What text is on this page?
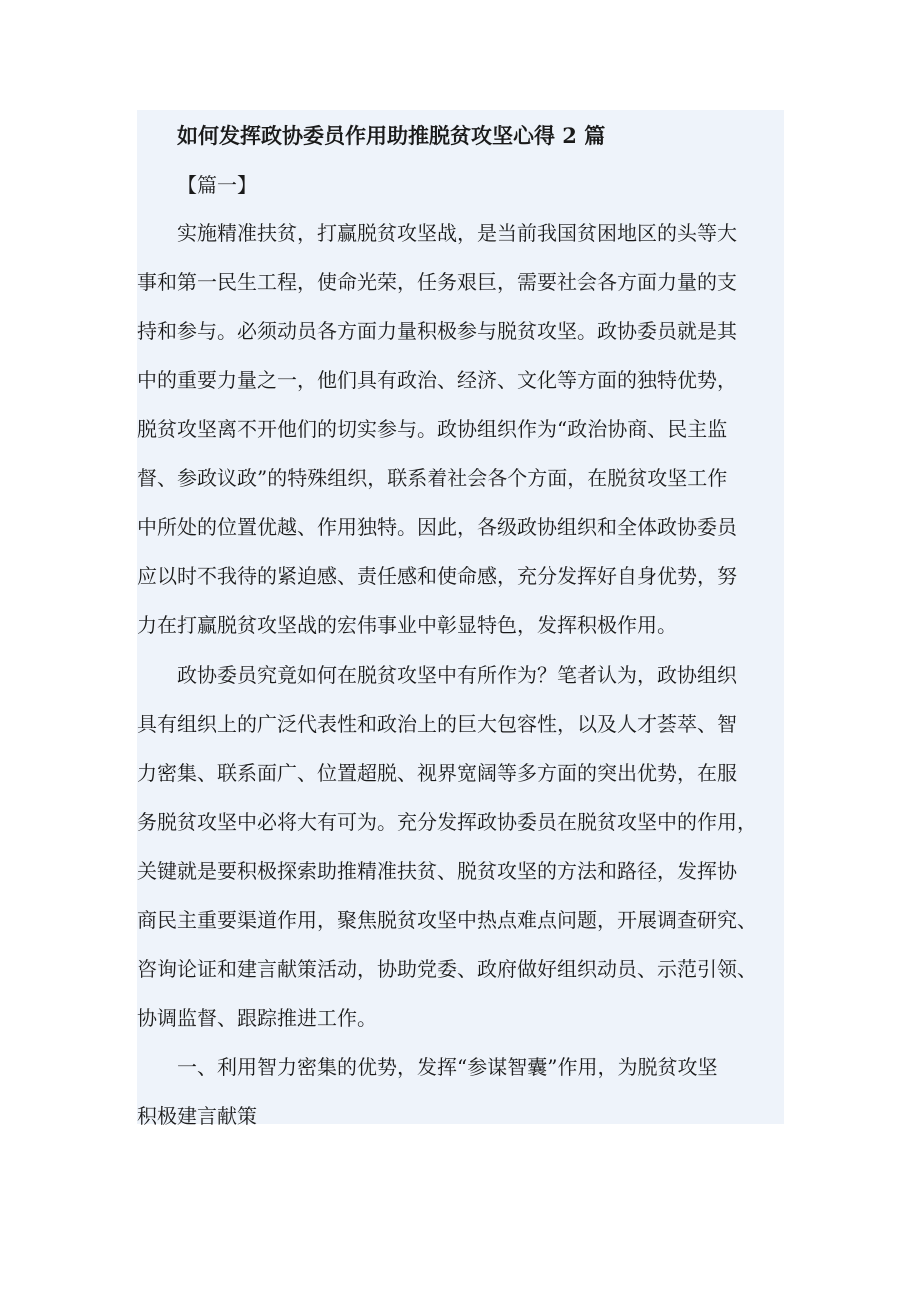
如何发挥政协委员作用助推脱贫攻坚心得 2 篇
【篇一】
实施精准扶贫，打赢脱贫攻坚战，是当前我国贫困地区的头等大
事和第一民生工程，使命光荣，任务艰巨，需要社会各方面力量的支
持和参与。必须动员各方面力量积极参与脱贫攻坚。政协委员就是其
中的重要力量之一，他们具有政治、经济、文化等方面的独特优势，
脱贫攻坚离不开他们的切实参与。政协组织作为“政治协商、民主监
督、参政议政”的特殊组织，联系着社会各个方面，在脱贫攻坚工作
中所处的位置优越、作用独特。因此，各级政协组织和全体政协委员
应以时不我待的紧迫感、责任感和使命感，充分发挥好自身优势，努
力在打赢脱贫攻坚战的宏伟事业中彰显特色，发挥积极作用。
政协委员究竟如何在脱贫攻坚中有所作为？笔者认为，政协组织
具有组织上的广泛代表性和政治上的巨大包容性，以及人才荟萃、智
力密集、联系面广、位置超脱、视界宽阔等多方面的突出优势，在服
务脱贫攻坚中必将大有可为。充分发挥政协委员在脱贫攻坚中的作用，
关键就是要积极探索助推精准扶贫、脱贫攻坚的方法和路径，发挥协
商民主重要渠道作用，聚焦脱贫攻坚中热点难点问题，开展调查研究、
咨询论证和建言献策活动，协助党委、政府做好组织动员、示范引领、
协调监督、跟踪推进工作。
一、利用智力密集的优势，发挥“参谋智囊”作用，为脱贫攻坚
积极建言献策
